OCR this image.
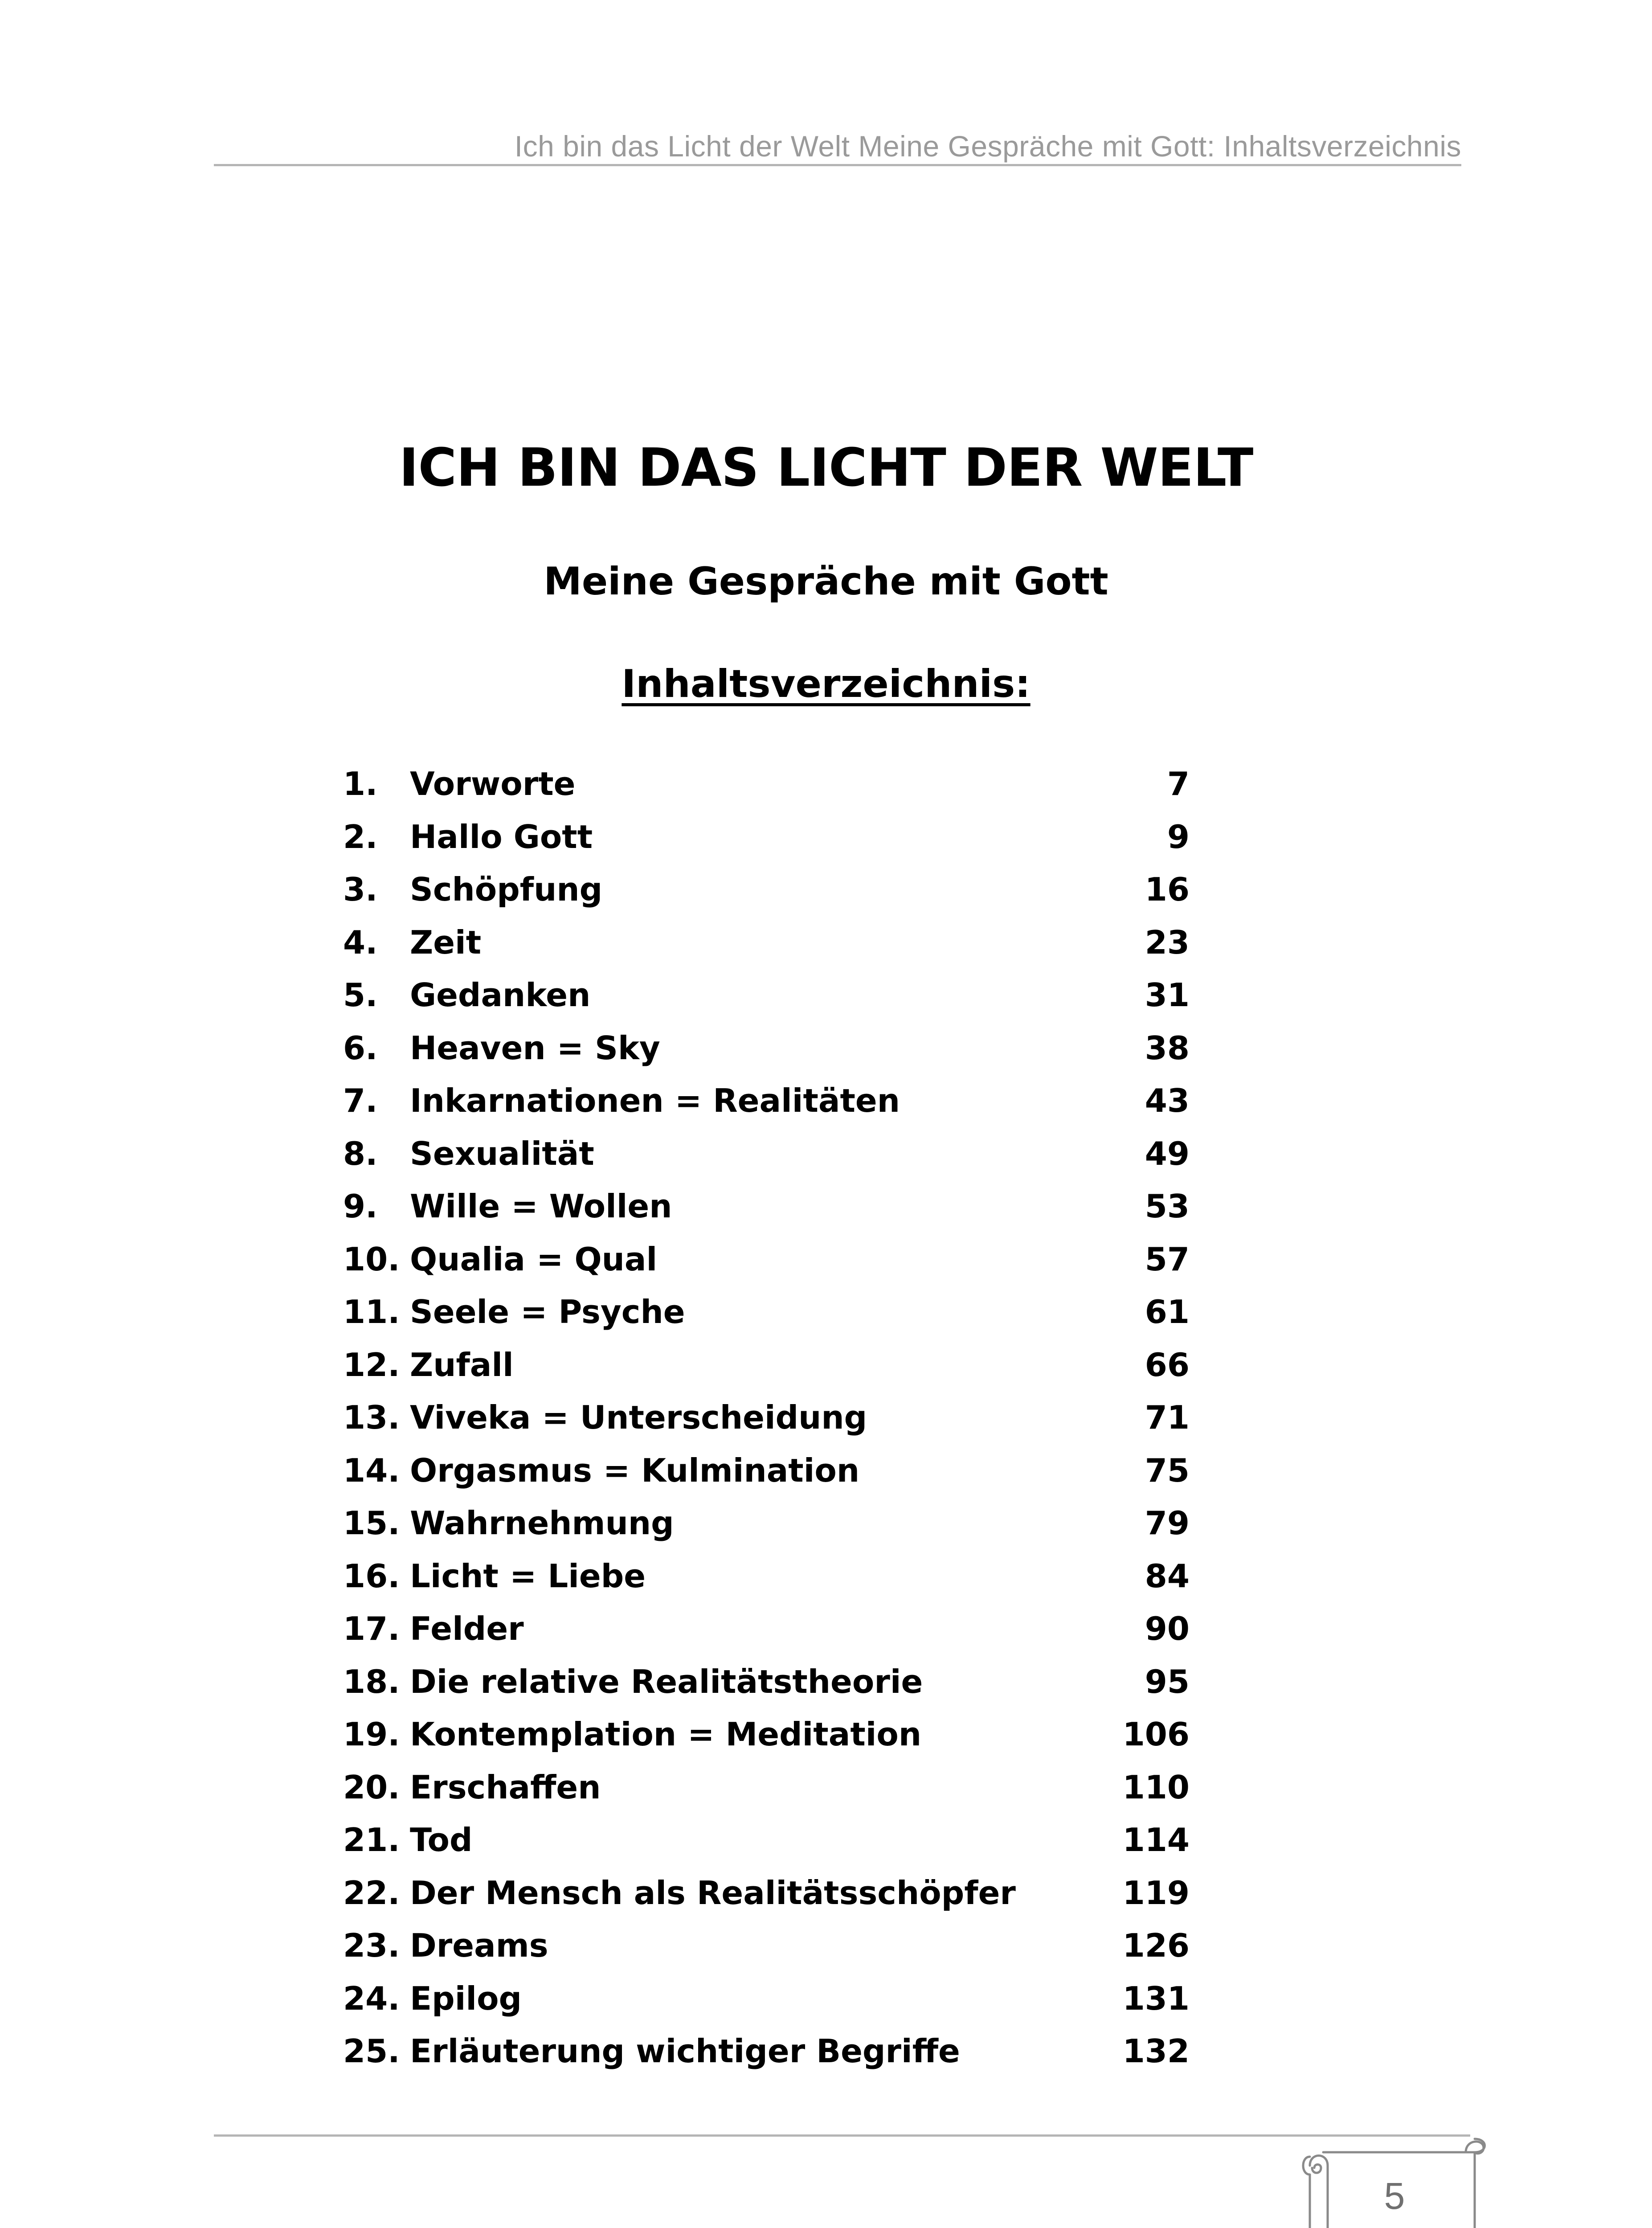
Ich bin das Licht der Welt Meine Gespräche mit Gott: Inhaltsverzeichnis
ICH BIN DAS LICHT DER WELT
Meine Gespräche mit Gott
Inhaltsverzeichnis:
1. Vorworte	7
2. Hallo Gott	9
3. Schöpfung	16
4. Zeit	23
5. Gedanken	31
6. Heaven = Sky	38
7. Inkarnationen = Realitäten	43
8. Sexualität	49
9. Wille = Wollen	53
10. Qualia = Qual	57
11. Seele = Psyche	61
12. Zufall	66
13. Viveka = Unterscheidung	71
14. Orgasmus = Kulmination	75
15. Wahrnehmung	79
16. Licht = Liebe	84
17. Felder	90
18. Die relative Realitätstheorie	95
19. Kontemplation = Meditation	106
20. Erschaffen	110
21. Tod	114
22. Der Mensch als Realitätsschöpfer	119
23. Dreams	126
24. Epilog	131
25. Erläuterung wichtiger Begriffe	132
5
